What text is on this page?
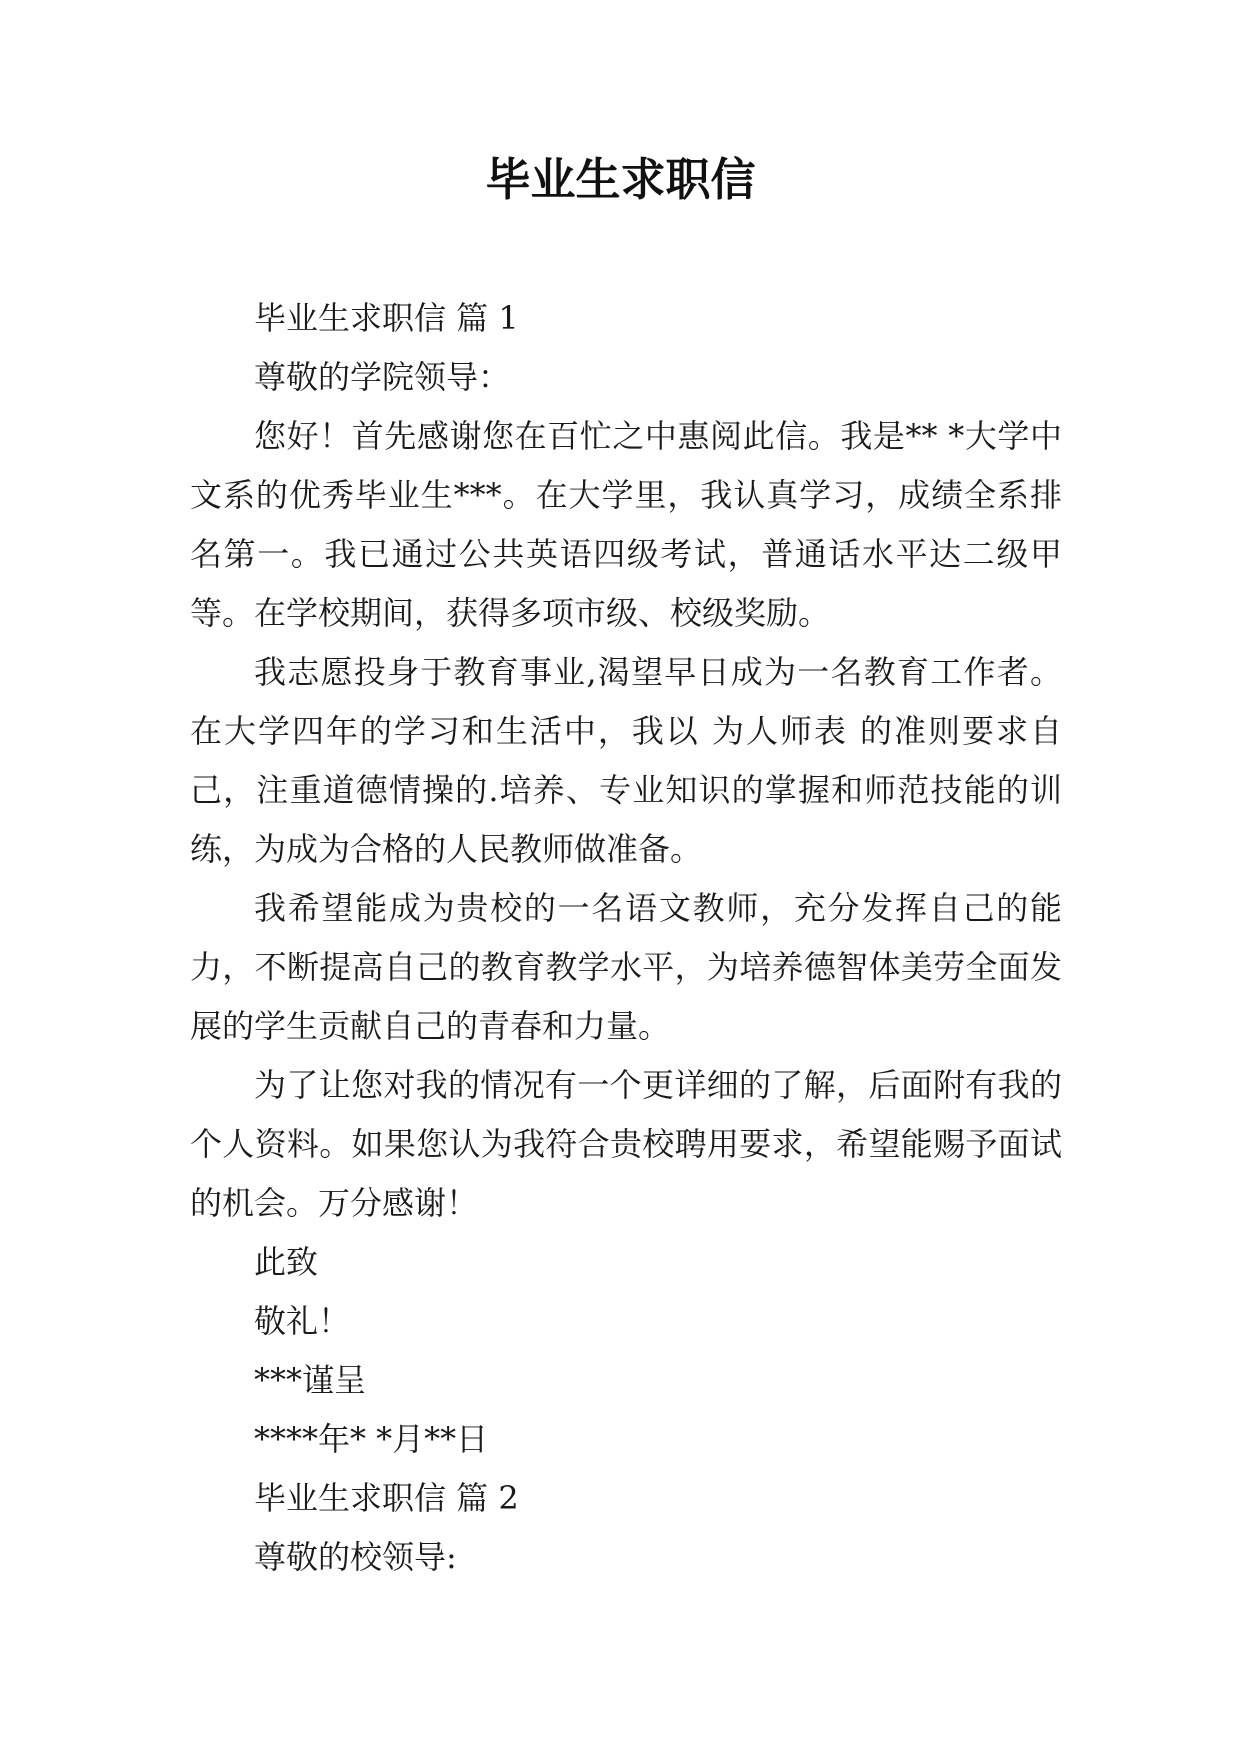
毕业生求职信

毕业生求职信 篇 1

尊敬的学院领导：

您好！首先感谢您在百忙之中惠阅此信。我是** *大学中文系的优秀毕业生***。在大学里，我认真学习，成绩全系排名第一。我已通过公共英语四级考试，普通话水平达二级甲等。在学校期间，获得多项市级、校级奖励。

我志愿投身于教育事业,渴望早日成为一名教育工作者。在大学四年的学习和生活中，我以 为人师表 的准则要求自己，注重道德情操的.培养、专业知识的掌握和师范技能的训练，为成为合格的人民教师做准备。

我希望能成为贵校的一名语文教师，充分发挥自己的能力，不断提高自己的教育教学水平，为培养德智体美劳全面发展的学生贡献自己的青春和力量。

为了让您对我的情况有一个更详细的了解，后面附有我的个人资料。如果您认为我符合贵校聘用要求，希望能赐予面试的机会。万分感谢！

此致

敬礼！

***谨呈

****年* *月**日

毕业生求职信 篇 2

尊敬的校领导:
